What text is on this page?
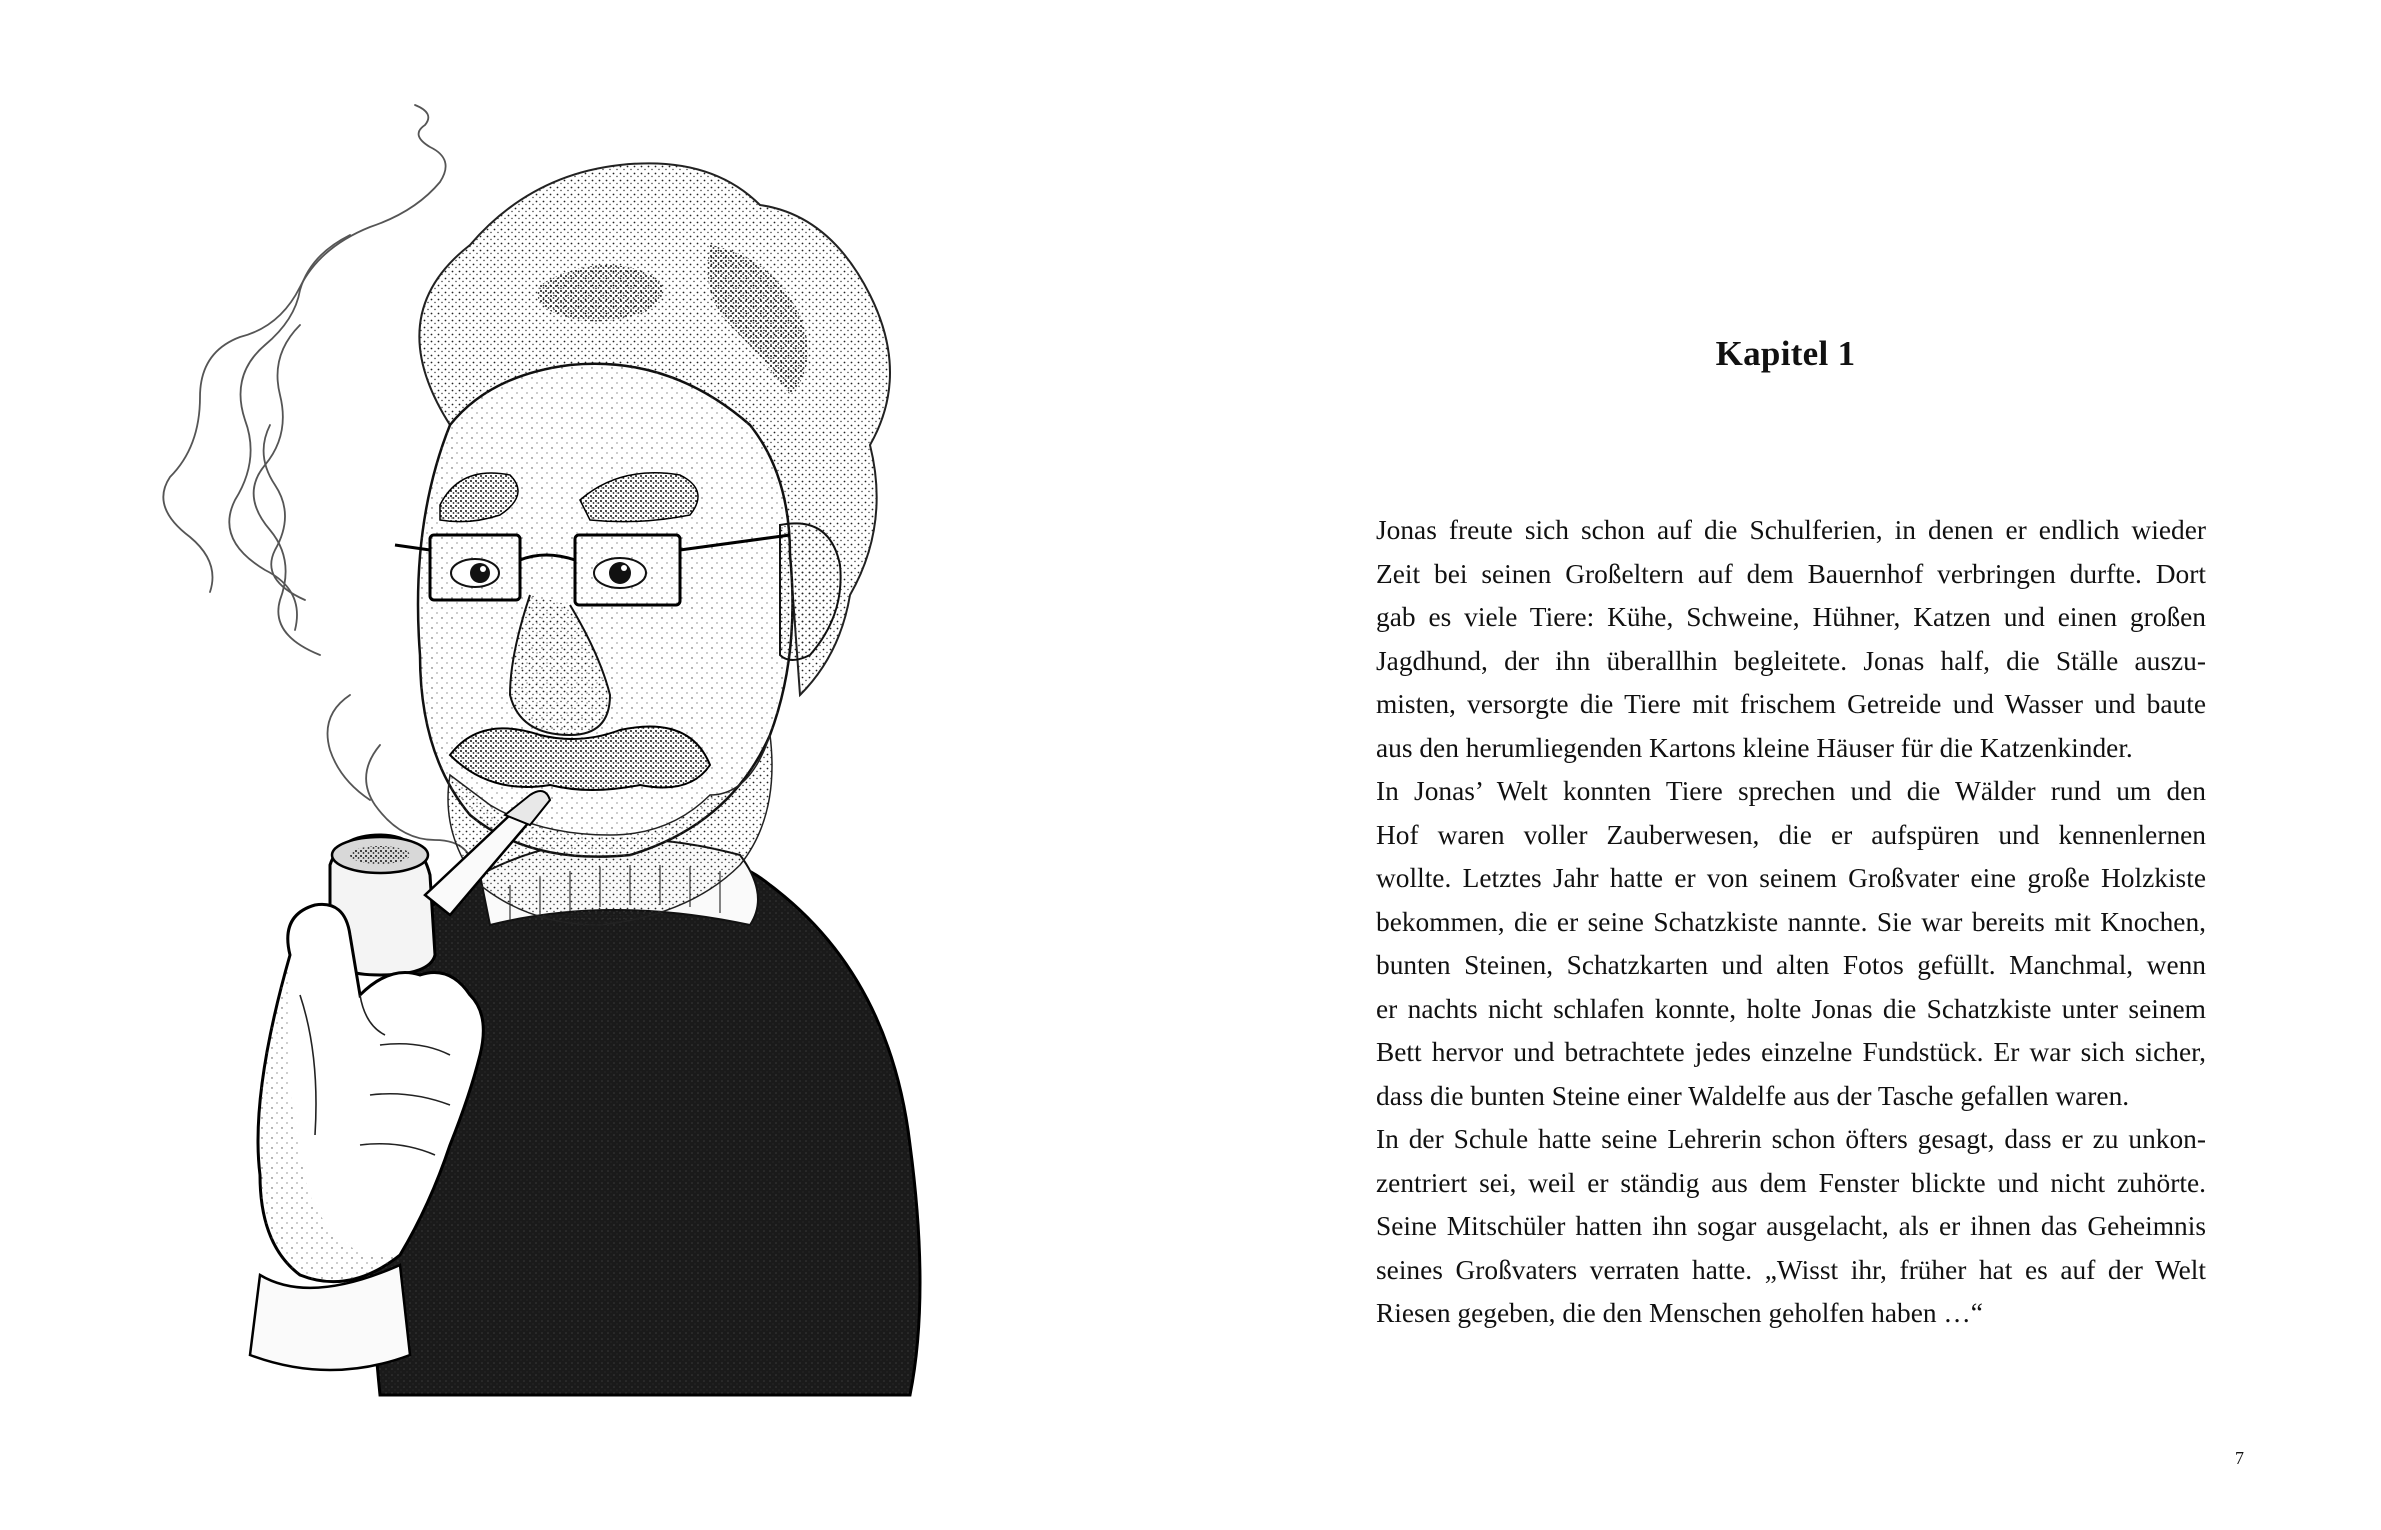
Kapitel 1

Jonas freute sich schon auf die Schulferien, in denen er endlich wieder
Zeit bei seinen Großeltern auf dem Bauernhof verbringen durfte. Dort
gab es viele Tiere: Kühe, Schweine, Hühner, Katzen und einen großen
Jagdhund, der ihn überallhin begleitete. Jonas half, die Ställe auszu-
misten, versorgte die Tiere mit frischem Getreide und Wasser und baute
aus den herumliegenden Kartons kleine Häuser für die Katzenkinder.
In Jonas’ Welt konnten Tiere sprechen und die Wälder rund um den
Hof waren voller Zauberwesen, die er aufspüren und kennenlernen
wollte. Letztes Jahr hatte er von seinem Großvater eine große Holzkiste
bekommen, die er seine Schatzkiste nannte. Sie war bereits mit Knochen,
bunten Steinen, Schatzkarten und alten Fotos gefüllt. Manchmal, wenn
er nachts nicht schlafen konnte, holte Jonas die Schatzkiste unter seinem
Bett hervor und betrachtete jedes einzelne Fundstück. Er war sich sicher,
dass die bunten Steine einer Waldelfe aus der Tasche gefallen waren.
In der Schule hatte seine Lehrerin schon öfters gesagt, dass er zu unkon-
zentriert sei, weil er ständig aus dem Fenster blickte und nicht zuhörte.
Seine Mitschüler hatten ihn sogar ausgelacht, als er ihnen das Geheimnis
seines Großvaters verraten hatte. „Wisst ihr, früher hat es auf der Welt
Riesen gegeben, die den Menschen geholfen haben …“

7
